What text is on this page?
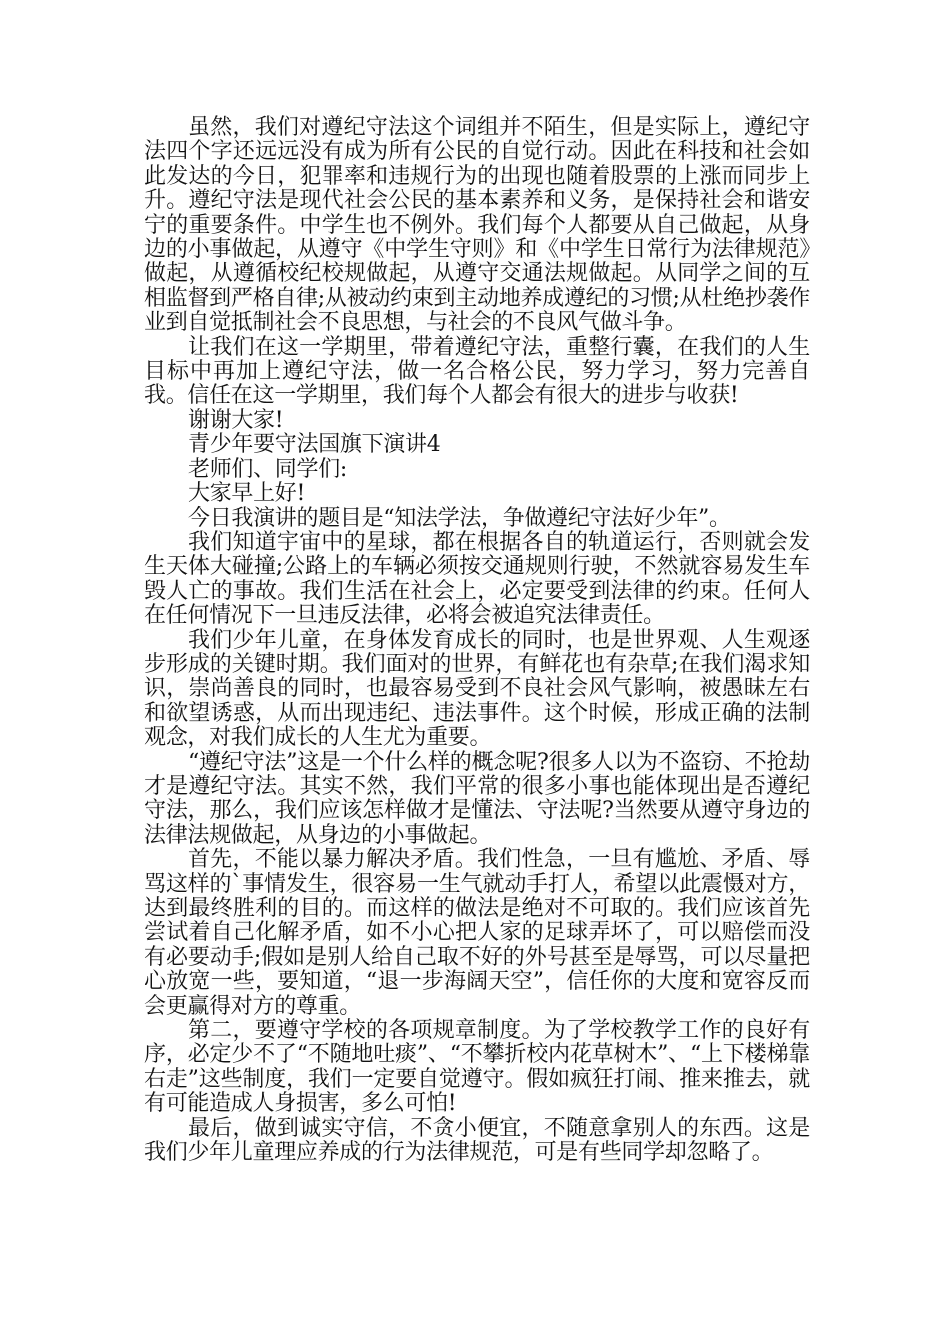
虽然，我们对遵纪守法这个词组并不陌生，但是实际上，遵纪守法四个字还远远没有成为所有公民的自觉行动。因此在科技和社会如此发达的今日，犯罪率和违规行为的出现也随着股票的上涨而同步上升。遵纪守法是现代社会公民的基本素养和义务，是保持社会和谐安宁的重要条件。中学生也不例外。我们每个人都要从自己做起，从身边的小事做起，从遵守《中学生守则》和《中学生日常行为法律规范》做起，从遵循校纪校规做起，从遵守交通法规做起。从同学之间的互相监督到严格自律;从被动约束到主动地养成遵纪的习惯;从杜绝抄袭作业到自觉抵制社会不良思想，与社会的不良风气做斗争。

让我们在这一学期里，带着遵纪守法，重整行囊，在我们的人生目标中再加上遵纪守法，做一名合格公民，努力学习，努力完善自我。信任在这一学期里，我们每个人都会有很大的进步与收获!

谢谢大家!

青少年要守法国旗下演讲4

老师们、同学们:

大家早上好!

今日我演讲的题目是“知法学法，争做遵纪守法好少年”。

我们知道宇宙中的星球，都在根据各自的轨道运行，否则就会发生天体大碰撞;公路上的车辆必须按交通规则行驶，不然就容易发生车毁人亡的事故。我们生活在社会上，必定要受到法律的约束。任何人在任何情况下一旦违反法律，必将会被追究法律责任。

我们少年儿童，在身体发育成长的同时，也是世界观、人生观逐步形成的关键时期。我们面对的世界，有鲜花也有杂草;在我们渴求知识，崇尚善良的同时，也最容易受到不良社会风气影响，被愚昧左右和欲望诱惑，从而出现违纪、违法事件。这个时候，形成正确的法制观念，对我们成长的人生尤为重要。

“遵纪守法”这是一个什么样的概念呢?很多人以为不盗窃、不抢劫才是遵纪守法。其实不然，我们平常的很多小事也能体现出是否遵纪守法，那么，我们应该怎样做才是懂法、守法呢?当然要从遵守身边的法律法规做起，从身边的小事做起。

首先，不能以暴力解决矛盾。我们性急，一旦有尴尬、矛盾、辱骂这样的`事情发生，很容易一生气就动手打人，希望以此震慑对方，达到最终胜利的目的。而这样的做法是绝对不可取的。我们应该首先尝试着自己化解矛盾，如不小心把人家的足球弄坏了，可以赔偿而没有必要动手;假如是别人给自己取不好的外号甚至是辱骂，可以尽量把心放宽一些，要知道，“退一步海阔天空”，信任你的大度和宽容反而会更赢得对方的尊重。

第二，要遵守学校的各项规章制度。为了学校教学工作的良好有序，必定少不了“不随地吐痰”、“不攀折校内花草树木”、“上下楼梯靠右走”这些制度，我们一定要自觉遵守。假如疯狂打闹、推来推去，就有可能造成人身损害，多么可怕!

最后，做到诚实守信，不贪小便宜，不随意拿别人的东西。这是我们少年儿童理应养成的行为法律规范，可是有些同学却忽略了。
